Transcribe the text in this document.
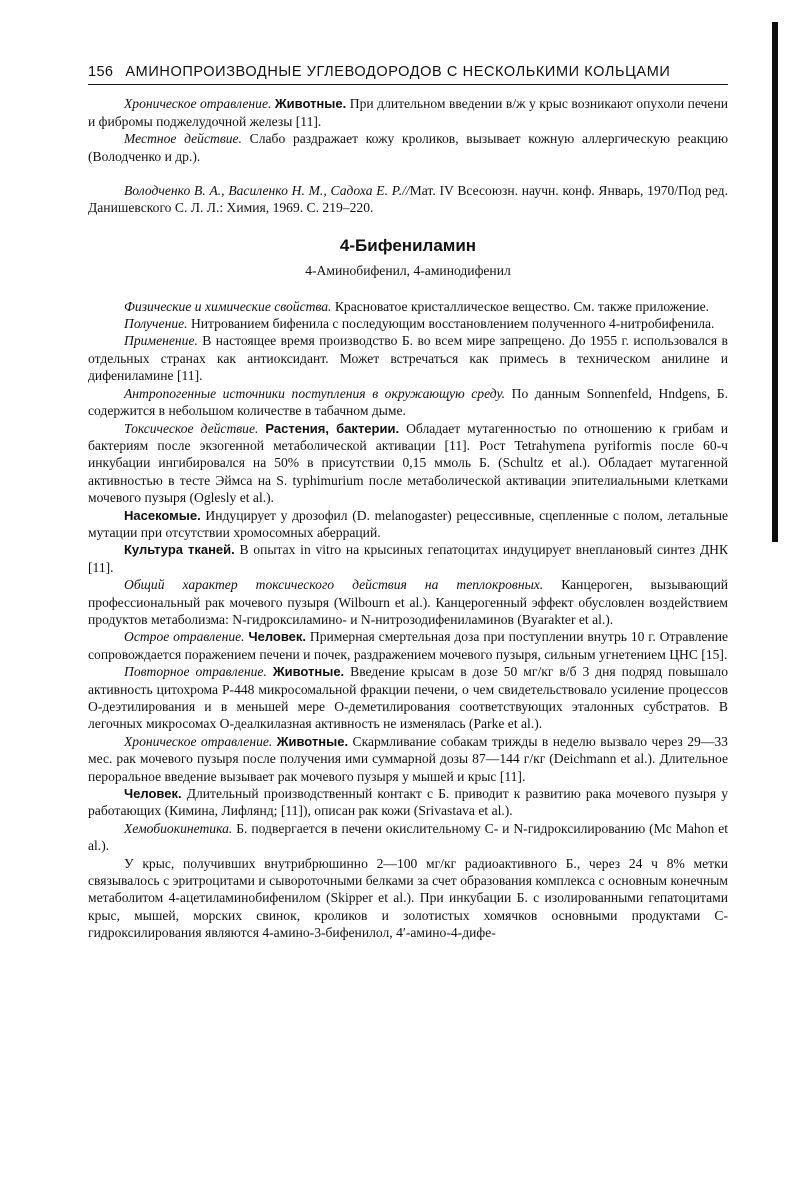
156 АМИНОПРОИЗВОДНЫЕ УГЛЕВОДОРОДОВ С НЕСКОЛЬКИМИ КОЛЬЦАМИ

Хроническое отравление. Животные. При длительном введении в/ж у крыс возникают опухоли печени и фибромы поджелудочной железы [11].

Местное действие. Слабо раздражает кожу кроликов, вызывает кожную аллергическую реакцию (Володченко и др.).

Володченко В. А., Василенко Н. М., Садоха Е. Р.//Мат. IV Всесоюзн. научн. конф. Январь, 1970/Под ред. Данишевского С. Л. Л.: Химия, 1969. С. 219–220.

4-Бифениламин
4-Аминобифенил, 4-аминодифенил

Физические и химические свойства. Красноватое кристаллическое вещество. См. также приложение.

Получение. Нитрованием бифенила с последующим восстановлением полученного 4-нитробифенила.

Применение. В настоящее время производство Б. во всем мире запрещено. До 1955 г. использовался в отдельных странах как антиоксидант. Может встречаться как примесь в техническом анилине и дифениламине [11].

Антропогенные источники поступления в окружающую среду. По данным Sonnenfeld, Hndgens, Б. содержится в небольшом количестве в табачном дыме.

Токсическое действие. Растения, бактерии. Обладает мутагенностью по отношению к грибам и бактериям после экзогенной метаболической активации [11]. Рост Tetrahymena pyriformis после 60-ч инкубации ингибировался на 50% в присутствии 0,15 ммоль Б. (Schultz et al.). Обладает мутагенной активностью в тесте Эймса на S. typhimurium после метаболической активации эпителиальными клетками мочевого пузыря (Oglesly et al.).

Насекомые. Индуцирует у дрозофил (D. melanogaster) рецессивные, сцепленные с полом, летальные мутации при отсутствии хромосомных аберраций.

Культура тканей. В опытах in vitro на крысиных гепатоцитах индуцирует внеплановый синтез ДНК [11].

Общий характер токсического действия на теплокровных. Канцероген, вызывающий профессиональный рак мочевого пузыря (Wilbourn et al.). Канцерогенный эффект обусловлен воздействием продуктов метаболизма: N-гидроксиламино- и N-нитрозодифениламинов (Byarakter et al.).

Острое отравление. Человек. Примерная смертельная доза при поступлении внутрь 10 г. Отравление сопровождается поражением печени и почек, раздражением мочевого пузыря, сильным угнетением ЦНС [15].

Повторное отравление. Животные. Введение крысам в дозе 50 мг/кг в/б 3 дня подряд повышало активность цитохрома Р-448 микросомальной фракции печени, о чем свидетельствовало усиление процессов О-деэтилирования и в меньшей мере О-деметилирования соответствующих эталонных субстратов. В легочных микросомах О-деалкилазная активность не изменялась (Parke et al.).

Хроническое отравление. Животные. Скармливание собакам трижды в неделю вызвало через 29—33 мес. рак мочевого пузыря после получения ими суммарной дозы 87—144 г/кг (Deichmann et al.). Длительное пероральное введение вызывает рак мочевого пузыря у мышей и крыс [11].

Человек. Длительный производственный контакт с Б. приводит к развитию рака мочевого пузыря у работающих (Кимина, Лифлянд; [11]), описан рак кожи (Srivastava et al.).

Хемобиокинетика. Б. подвергается в печени окислительному С- и N-гидроксилированию (Mc Mahon et al.).

У крыс, получивших внутрибрюшинно 2—100 мг/кг радиоактивного Б., через 24 ч 8% метки связывалось с эритроцитами и сывороточными белками за счет образования комплекса с основным конечным метаболитом 4-ацетиламинобифенилом (Skipper et al.). При инкубации Б. с изолированными гепатоцитами крыс, мышей, морских свинок, кроликов и золотистых хомячков основными продуктами С-гидроксилирования являются 4-амино-3-бифенилол, 4′-амино-4-дифе-
